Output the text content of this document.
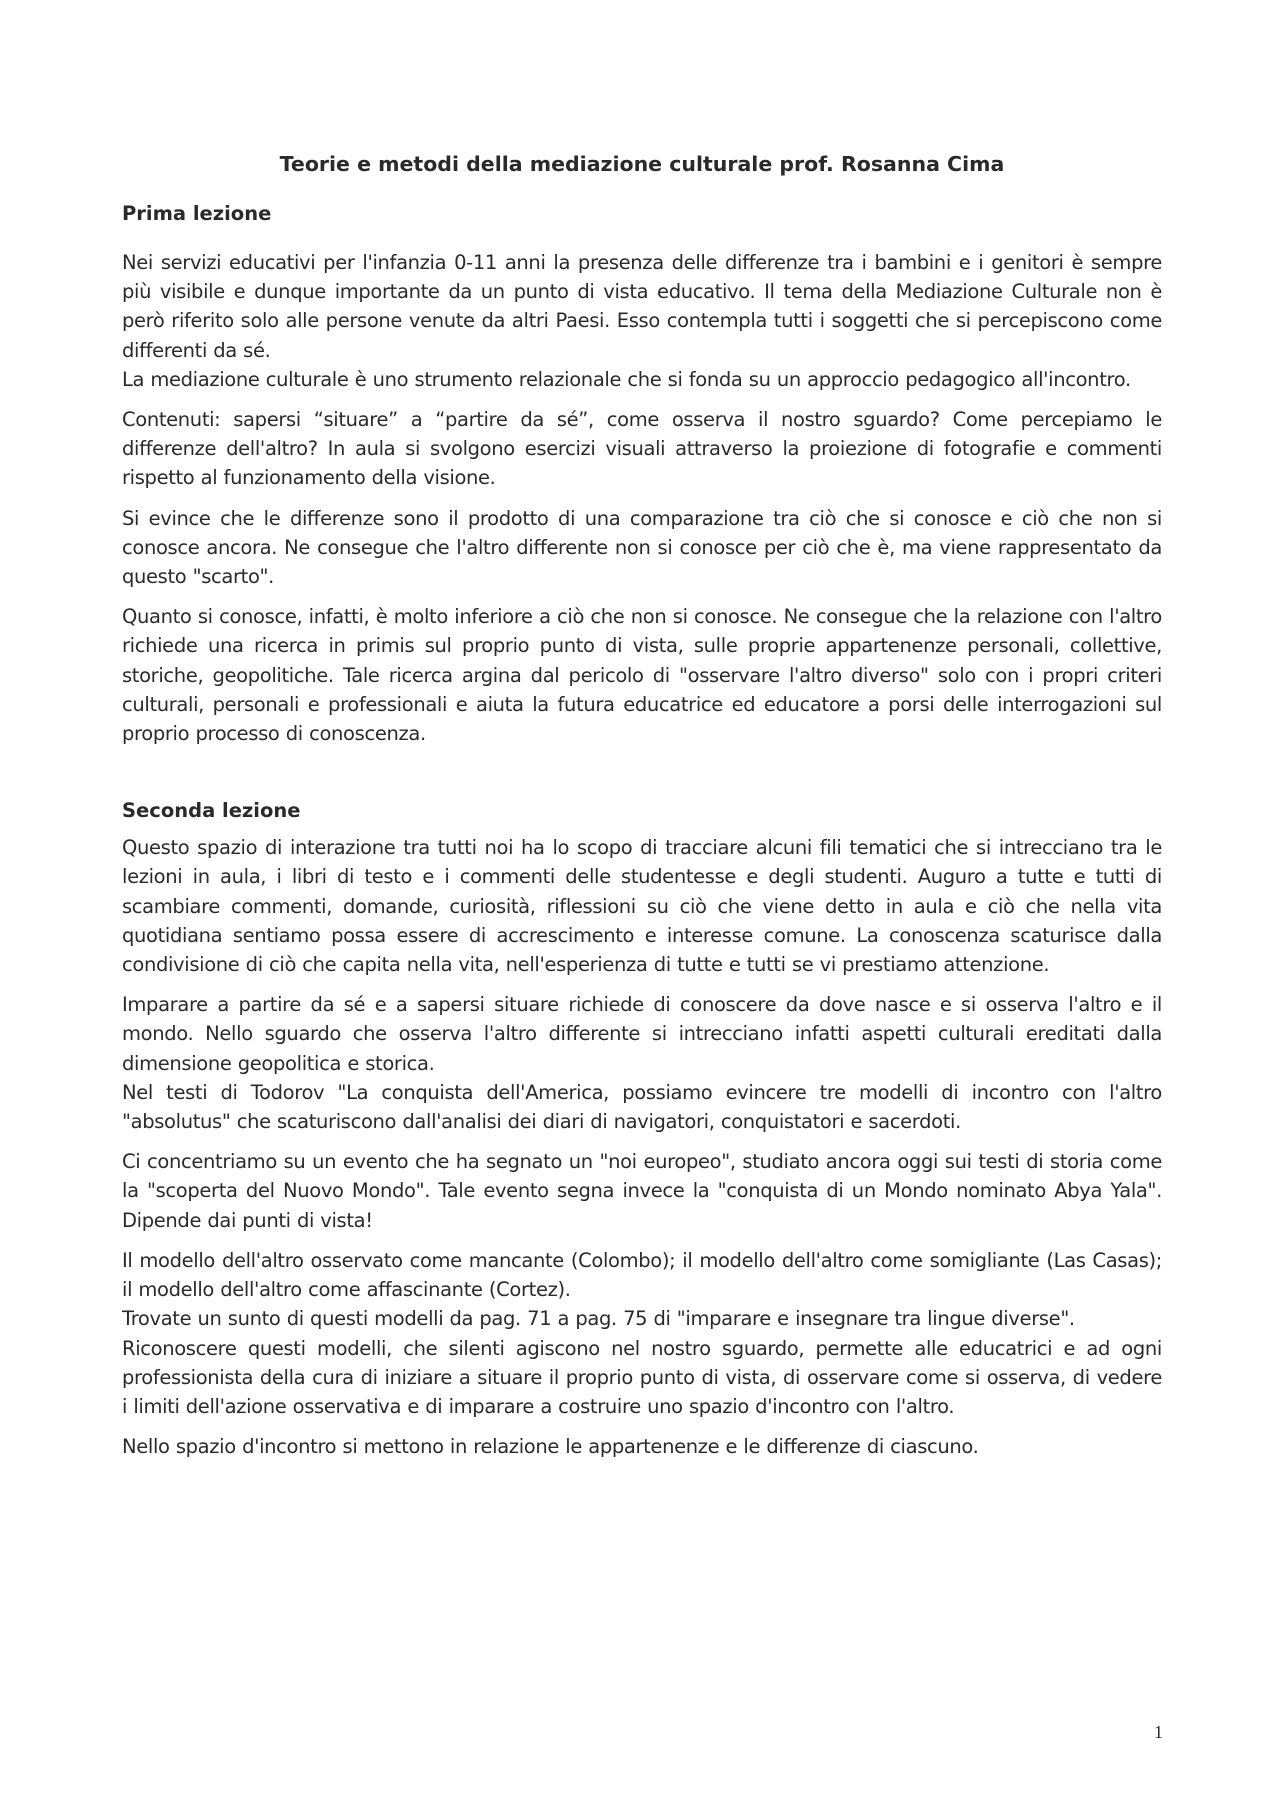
Teorie e metodi della mediazione culturale prof. Rosanna Cima
Prima lezione

Nei servizi educativi per l'infanzia 0-11 anni la presenza delle differenze tra i bambini e i genitori è sempre più visibile e dunque importante da un punto di vista educativo. Il tema della Mediazione Culturale non è però riferito solo alle persone venute da altri Paesi. Esso contempla tutti i soggetti che si percepiscono come differenti da sé.

La mediazione culturale è uno strumento relazionale che si fonda su un approccio pedagogico all'incontro.

Contenuti: sapersi “situare” a “partire da sé”, come osserva il nostro sguardo? Come percepiamo le differenze dell'altro? In aula si svolgono esercizi visuali attraverso la proiezione di fotografie e commenti rispetto al funzionamento della visione.

Si evince che le differenze sono il prodotto di una comparazione tra ciò che si conosce e ciò che non si conosce ancora. Ne consegue che l'altro differente non si conosce per ciò che è, ma viene rappresentato da questo "scarto".

Quanto si conosce, infatti, è molto inferiore a ciò che non si conosce. Ne consegue che la relazione con l'altro richiede una ricerca in primis sul proprio punto di vista, sulle proprie appartenenze personali, collettive, storiche, geopolitiche. Tale ricerca argina dal pericolo di "osservare l'altro diverso" solo con i propri criteri culturali, personali e professionali e aiuta la futura educatrice ed educatore a porsi delle interrogazioni sul proprio processo di conoscenza.

Seconda lezione

Questo spazio di interazione tra tutti noi ha lo scopo di tracciare alcuni fili tematici che si intrecciano tra le lezioni in aula, i libri di testo e i commenti delle studentesse e degli studenti. Auguro a tutte e tutti di scambiare commenti, domande, curiosità, riflessioni su ciò che viene detto in aula e ciò che nella vita quotidiana sentiamo possa essere di accrescimento e interesse comune. La conoscenza scaturisce dalla condivisione di ciò che capita nella vita, nell'esperienza di tutte e tutti se vi prestiamo attenzione.

Imparare a partire da sé e a sapersi situare richiede di conoscere da dove nasce e si osserva l'altro e il mondo. Nello sguardo che osserva l'altro differente si intrecciano infatti aspetti culturali ereditati dalla dimensione geopolitica e storica.

Nel testi di Todorov "La conquista dell'America, possiamo evincere tre modelli di incontro con l'altro "absolutus" che scaturiscono dall'analisi dei diari di navigatori, conquistatori e sacerdoti.

Ci concentriamo su un evento che ha segnato un "noi europeo", studiato ancora oggi sui testi di storia come la "scoperta del Nuovo Mondo". Tale evento segna invece la "conquista di un Mondo nominato Abya Yala". Dipende dai punti di vista!

Il modello dell'altro osservato come mancante (Colombo); il modello dell'altro come somigliante (Las Casas); il modello dell'altro come affascinante (Cortez).

Trovate un sunto di questi modelli da pag. 71 a pag. 75 di "imparare e insegnare tra lingue diverse".

Riconoscere questi modelli, che silenti agiscono nel nostro sguardo, permette alle educatrici e ad ogni professionista della cura di iniziare a situare il proprio punto di vista, di osservare come si osserva, di vedere i limiti dell'azione osservativa e di imparare a costruire uno spazio d'incontro con l'altro.

Nello spazio d'incontro si mettono in relazione le appartenenze e le differenze di ciascuno.

1
